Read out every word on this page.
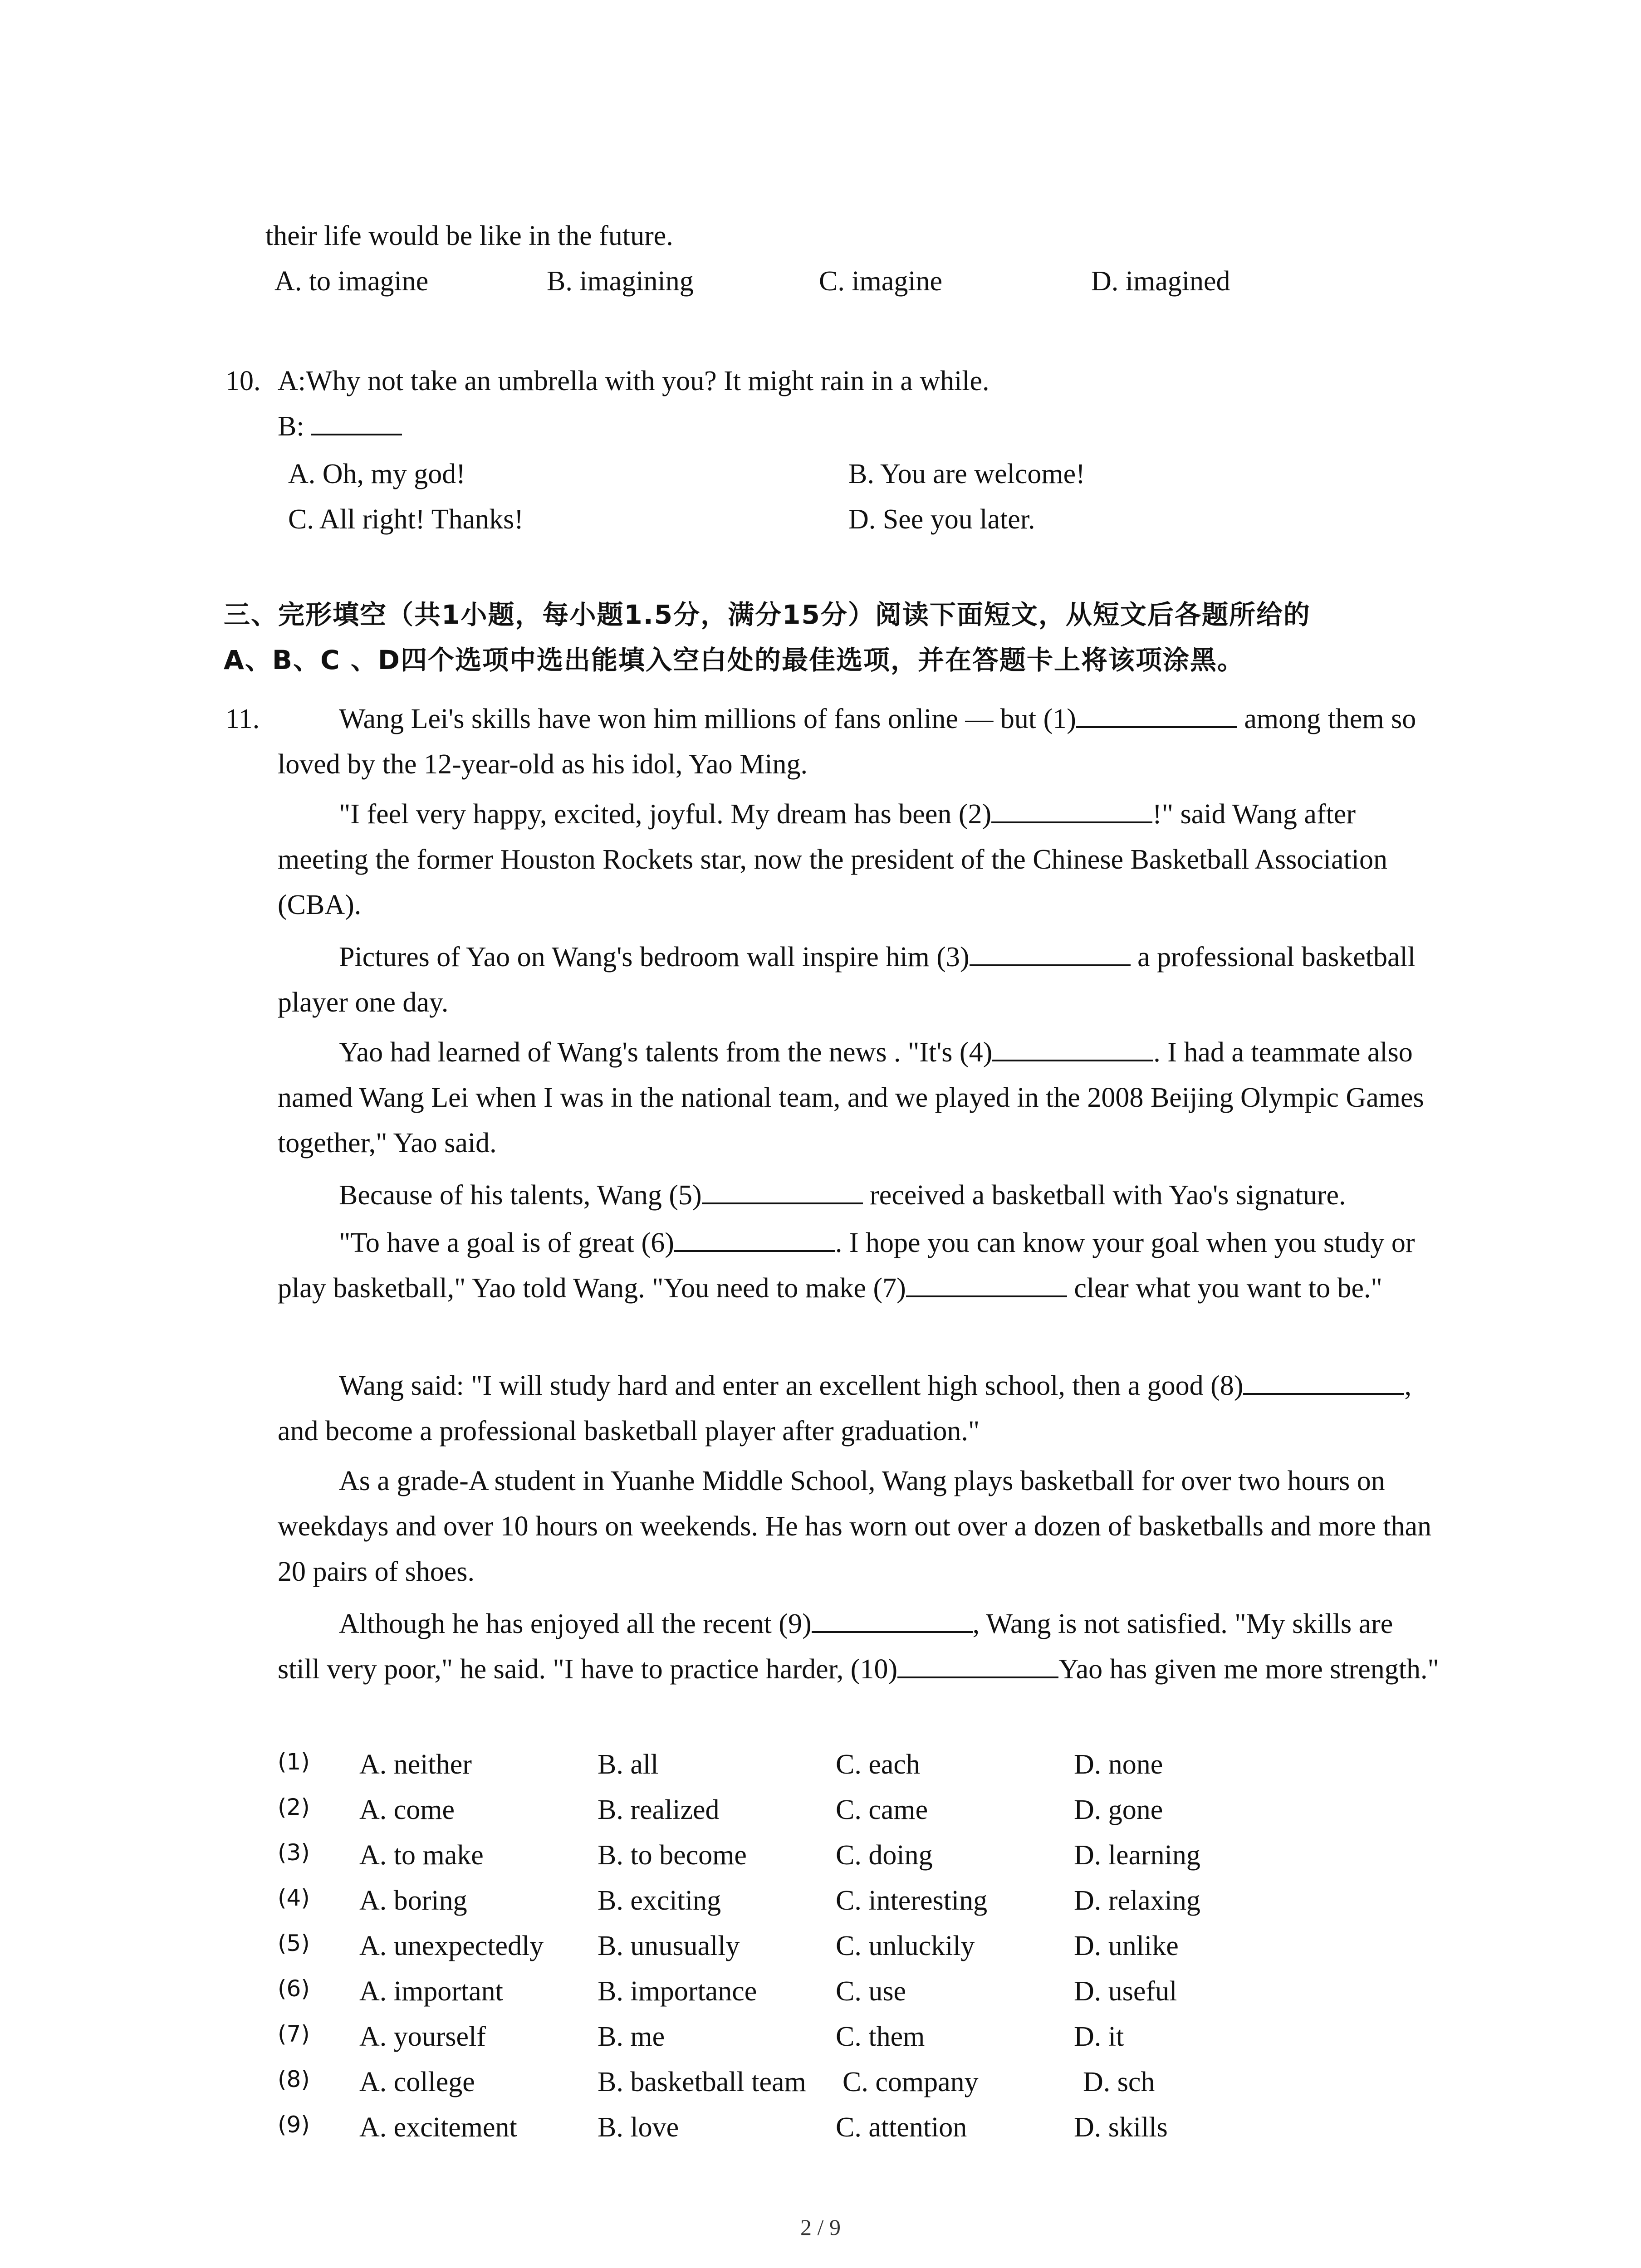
their life would be like in the future.
A. to imagine	B. imagining	C. imagine	D. imagined
10. A:Why not take an umbrella with you? It might rain in a while.
B:
A. Oh, my god!	B. You are welcome!
C. All right! Thanks!	D. See you later.
三、完形填空（共1小题，每小题1.5分，满分15分）阅读下面短文，从短文后各题所给的
A、B、C 、D四个选项中选出能填入空白处的最佳选项，并在答题卡上将该项涂黑。
11.	Wang Lei's skills have won him millions of fans online — but (1)	among them so loved by the 12-year-old as his idol, Yao Ming.
"I feel very happy, excited, joyful. My dream has been (2)	!" said Wang after meeting the former Houston Rockets star, now the president of the Chinese Basketball Association (CBA).
Pictures of Yao on Wang's bedroom wall inspire him (3)	a professional basketball player one day.
Yao had learned of Wang's talents from the news . "It's (4)	. I had a teammate also named Wang Lei when I was in the national team, and we played in the 2008 Beijing Olympic Games together," Yao said.
Because of his talents, Wang (5)	received a basketball with Yao's signature.
"To have a goal is of great (6)	. I hope you can know your goal when you study or play basketball," Yao told Wang. "You need to make (7)	clear what you want to be."
Wang said: "I will study hard and enter an excellent high school, then a good (8)	, and become a professional basketball player after graduation."
As a grade-A student in Yuanhe Middle School, Wang plays basketball for over two hours on weekdays and over 10 hours on weekends. He has worn out over a dozen of basketballs and more than 20 pairs of shoes.
Although he has enjoyed all the recent (9)	, Wang is not satisfied. "My skills are still very poor," he said. "I have to practice harder, (10)	Yao has given me more strength."
(1) A. neither	B. all	C. each	D. none
(2) A. come	B. realized	C. came	D. gone
(3) A. to make	B. to become	C. doing	D. learning
(4) A. boring	B. exciting	C. interesting	D. relaxing
(5) A. unexpectedly B. unusually	C. unluckily	D. unlike
(6) A. important	B. importance	C. use	D. useful
(7) A. yourself	B. me	C. them	D. it
(8) A. college	B. basketball team C. company	D. sch
(9) A. excitement	B. love	C. attention	D. skills
2 / 9
